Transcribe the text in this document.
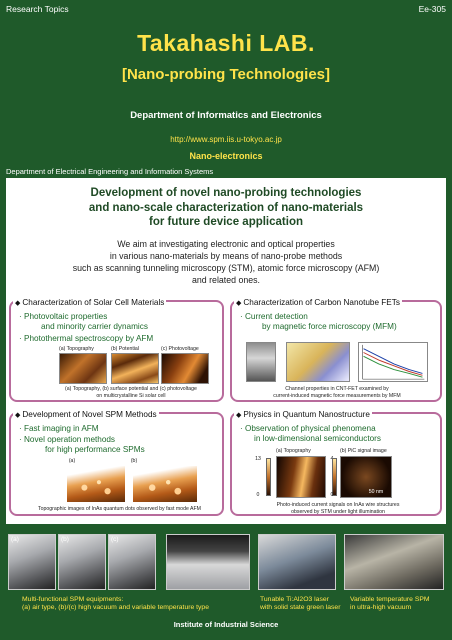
Research Topics	Ee-305
Takahashi LAB.
[Nano-probing Technologies]
Department of Informatics and Electronics
http://www.spm.iis.u-tokyo.ac.jp
Nano-electronics
Department of Electrical Engineering and Information Systems
Development of novel nano-probing technologies
and nano-scale characterization of nano-materials
for future device application
We aim at investigating electronic and optical properties
in various nano-materials by means of nano-probe methods
such as scanning tunneling microscopy (STM), atomic force microscopy (AFM)
and related ones.
◆ Characterization of Solar Cell Materials
· Photovoltaic properties
and minority carrier dynamics
· Photothermal spectroscopy by AFM
(a) Topography	(b) Potential	(c) Photovoltage
(a) Topography, (b) surface potential and (c) photovoltage
on multicrystalline Si solar cell
◆ Characterization of Carbon Nanotube FETs
· Current detection
by magnetic force microscopy (MFM)
Channel properties in CNT-FET examined by
current-induced magnetic force measurements by MFM
◆ Development of Novel SPM Methods
· Fast imaging in AFM
· Novel operation methods
for high performance SPMs
(a)	(b)
Topographic images of InAs quantum dots observed by fast mode AFM
◆ Physics in Quantum Nanostructure
· Observation of physical phenomena
in low-dimensional semiconductors
(a) Topography	(b) PiC signal image
13
0	0	50 nm
Photo-induced current signals on InAs wire structures
observed by STM under light illumination
(a)	(b)	(c)
Multi-functional SPM equipments:
(a) air type, (b)/(c) high vacuum and variable temperature type
Tunable Ti:Al2O3 laser
with solid state green laser
Variable temperature SPM
in ultra-high vacuum
Institute of Industrial Science
